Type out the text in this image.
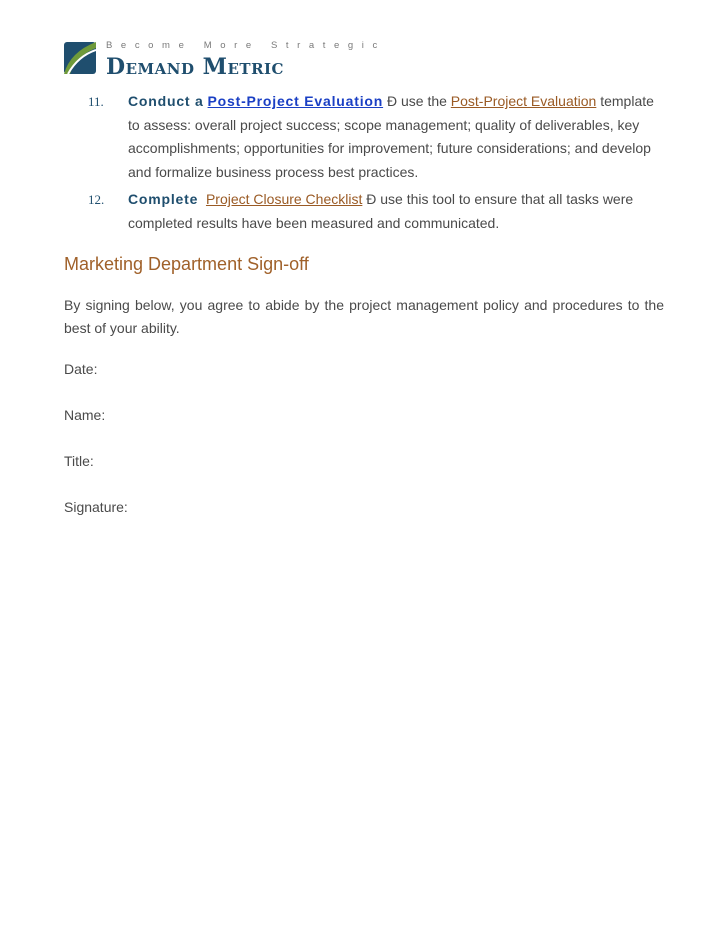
Become More Strategic
Demand Metric
11. Conduct a Post-Project Evaluation Ð use the Post-Project Evaluation template to assess: overall project success; scope management; quality of deliverables, key accomplishments; opportunities for improvement; future considerations; and develop and formalize business process best practices.
12. Complete Project Closure Checklist Ð use this tool to ensure that all tasks were completed results have been measured and communicated.
Marketing Department Sign-off
By signing below, you agree to abide by the project management policy and procedures to the best of your ability.
Date:
Name:
Title:
Signature:
